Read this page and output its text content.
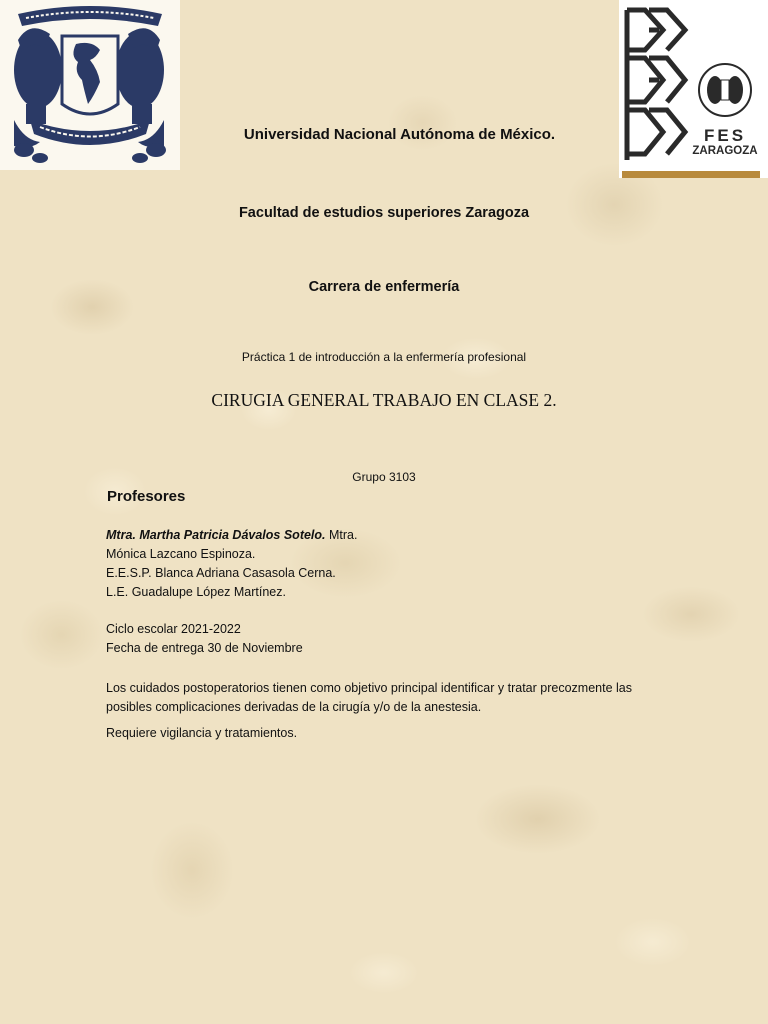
FES
ZARAGOZA
Universidad Nacional Autónoma de México.
Facultad de estudios superiores Zaragoza
Carrera de enfermería
Práctica 1 de introducción a la enfermería profesional
CIRUGIA GENERAL TRABAJO EN CLASE 2.
Grupo 3103
Profesores
Mtra. Martha Patricia Dávalos Sotelo. Mtra.
Mónica Lazcano Espinoza.
E.E.S.P. Blanca Adriana Casasola Cerna.
L.E. Guadalupe López Martínez.
Ciclo escolar 2021-2022
Fecha de entrega 30 de Noviembre
Los cuidados postoperatorios tienen como objetivo principal identificar y tratar precozmente las posibles complicaciones derivadas de la cirugía y/o de la anestesia.
Requiere vigilancia y tratamientos.
